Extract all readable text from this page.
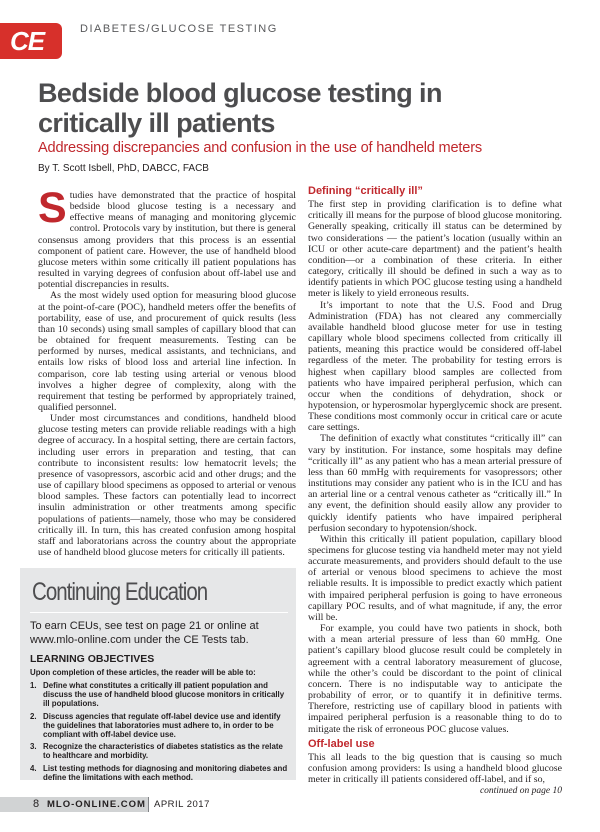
CE	DIABETES/GLUCOSE TESTING
Bedside blood glucose testing in
critically ill patients
Addressing discrepancies and confusion in the use of handheld meters
By T. Scott Isbell, PhD, DABCC, FACB

S tudies have demonstrated that the practice of hospital bedside blood glucose testing is a necessary and effective means of managing and monitoring glycemic control. Protocols vary by institution, but there is general consensus among providers that this process is an essential component of patient care. However, the use of handheld blood glucose meters within some critically ill patient populations has resulted in varying degrees of confusion about off-label use and potential discrepancies in results.

As the most widely used option for measuring blood glucose at the point-of-care (POC), handheld meters offer the benefits of portability, ease of use, and procurement of quick results (less than 10 seconds) using small samples of capillary blood that can be obtained for frequent measurements. Testing can be performed by nurses, medical assistants, and technicians, and entails low risks of blood loss and arterial line infection. In comparison, core lab testing using arterial or venous blood involves a higher degree of complexity, along with the requirement that testing be performed by appropriately trained, qualified personnel.

Under most circumstances and conditions, handheld blood glucose testing meters can provide reliable readings with a high degree of accuracy. In a hospital setting, there are certain factors, including user errors in preparation and testing, that can contribute to inconsistent results: low hematocrit levels; the presence of vasopressors, ascorbic acid and other drugs; and the use of capillary blood specimens as opposed to arterial or venous blood samples. These factors can potentially lead to incorrect insulin administration or other treatments among specific populations of patients—namely, those who may be considered critically ill. In turn, this has created confusion among hospital staff and laboratorians across the country about the appropriate use of handheld blood glucose meters for critically ill patients.

Continuing Education
To earn CEUs, see test on page 21 or online at
www.mlo-online.com under the CE Tests tab.
LEARNING OBJECTIVES
Upon completion of these articles, the reader will be able to:
1. Define what constitutes a critically ill patient population and discuss the use of handheld blood glucose monitors in critically ill populations.
2. Discuss agencies that regulate off-label device use and identify the guidelines that laboratories must adhere to, in order to be compliant with off-label device use.
3. Recognize the characteristics of diabetes statistics as the relate to healthcare and morbidity.
4. List testing methods for diagnosing and monitoring diabetes and define the limitations with each method.
Defining “critically ill”

The first step in providing clarification is to define what critically ill means for the purpose of blood glucose monitoring. Generally speaking, critically ill status can be determined by two considerations — the patient’s location (usually within an ICU or other acute-care department) and the patient’s health condition—or a combination of these criteria. In either category, critically ill should be defined in such a way as to identify patients in which POC glucose testing using a handheld meter is likely to yield erroneous results.

It’s important to note that the U.S. Food and Drug Administration (FDA) has not cleared any commercially available handheld blood glucose meter for use in testing capillary whole blood specimens collected from critically ill patients, meaning this practice would be considered off-label regardless of the meter. The probability for testing errors is highest when capillary blood samples are collected from patients who have impaired peripheral perfusion, which can occur when the conditions of dehydration, shock or hypotension, or hyperosmolar hyperglycemic shock are present. These conditions most commonly occur in critical care or acute care settings.

The definition of exactly what constitutes “critically ill” can vary by institution. For instance, some hospitals may define “critically ill” as any patient who has a mean arterial pressure of less than 60 mmHg with requirements for vasopressors; other institutions may consider any patient who is in the ICU and has an arterial line or a central venous catheter as “critically ill.” In any event, the definition should easily allow any provider to quickly identify patients who have impaired peripheral perfusion secondary to hypotension/shock.

Within this critically ill patient population, capillary blood specimens for glucose testing via handheld meter may not yield accurate measurements, and providers should default to the use of arterial or venous blood specimens to achieve the most reliable results. It is impossible to predict exactly which patient with impaired peripheral perfusion is going to have erroneous capillary POC results, and of what magnitude, if any, the error will be.

For example, you could have two patients in shock, both with a mean arterial pressure of less than 60 mmHg. One patient’s capillary blood glucose result could be completely in agreement with a central laboratory measurement of glucose, while the other’s could be discordant to the point of clinical concern. There is no indisputable way to anticipate the probability of error, or to quantify it in definitive terms. Therefore, restricting use of capillary blood in patients with impaired peripheral perfusion is a reasonable thing to do to mitigate the risk of erroneous POC glucose values.

Off-label use

This all leads to the big question that is causing so much confusion among providers: Is using a handheld blood glucose meter in critically ill patients considered off-label, and if so,

continued on page 10
8 MLO-ONLINE.COM APRIL 2017
